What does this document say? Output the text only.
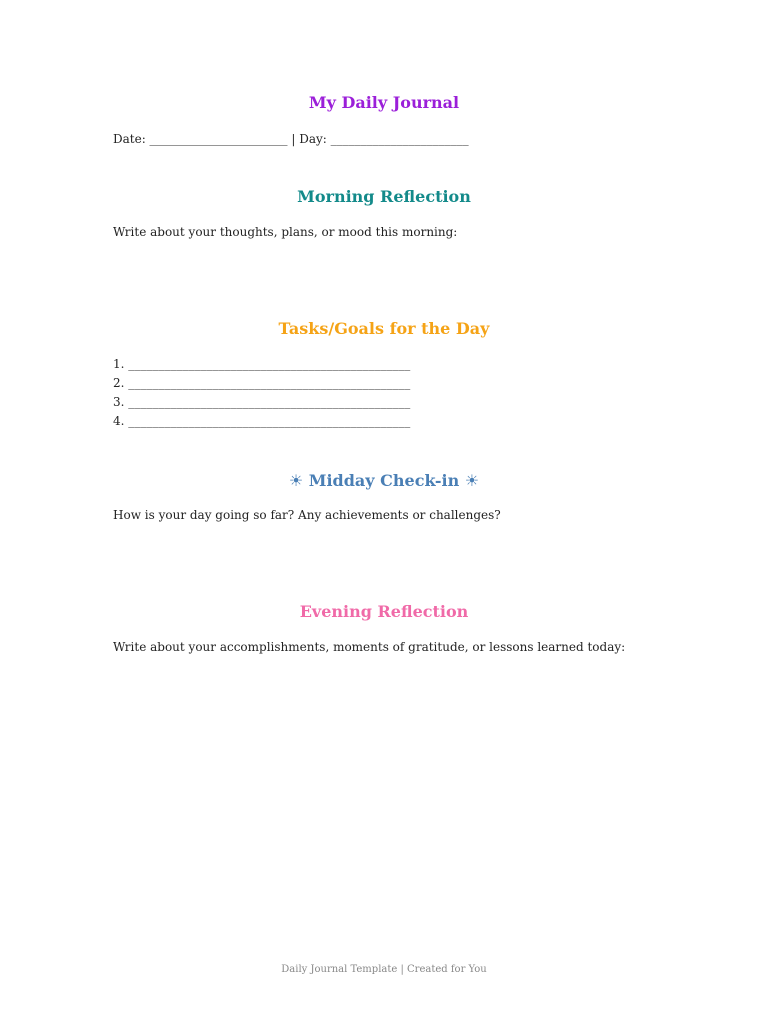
My Daily Journal

Date: _______________________ | Day: _______________________

Morning Reflection

Write about your thoughts, plans, or mood this morning:

Tasks/Goals for the Day

1. _______________________________________________

2. _______________________________________________

3. _______________________________________________

4. _______________________________________________

☀ Midday Check-in ☀

How is your day going so far? Any achievements or challenges?

Evening Reflection

Write about your accomplishments, moments of gratitude, or lessons learned today:

Daily Journal Template | Created for You
